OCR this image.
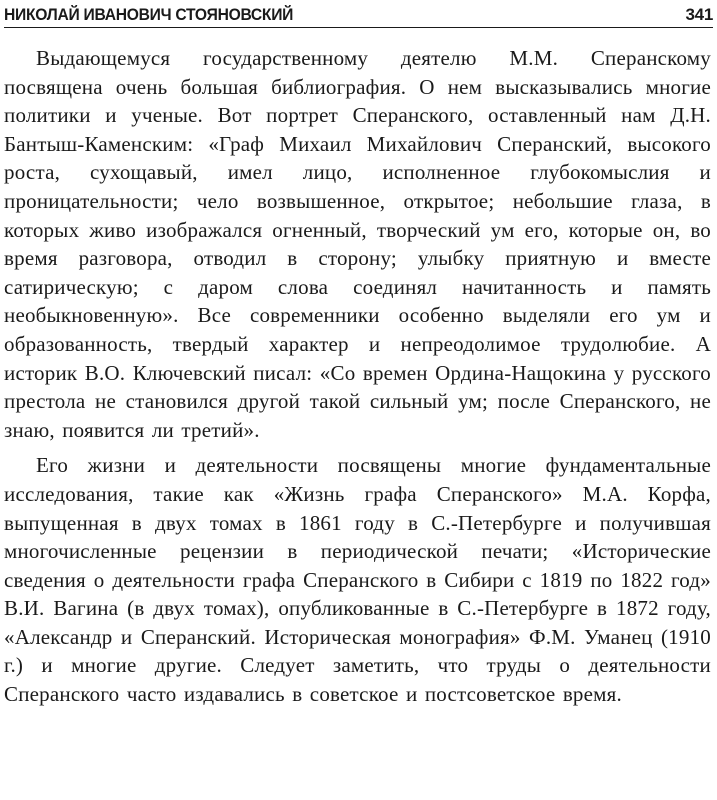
НИКОЛАЙ ИВАНОВИЧ СТОЯНОВСКИЙ	341

Выдающемуся государственному деятелю М.М. Сперанскому посвящена очень большая библиография. О нем высказывались многие политики и ученые. Вот портрет Сперанского, оставленный нам Д.Н. Бантыш-Каменским: «Граф Михаил Михайлович Сперанский, высокого роста, сухощавый, имел лицо, исполненное глубокомыслия и проницательности; чело возвышенное, открытое; небольшие глаза, в которых живо изображался огненный, творческий ум его, которые он, во время разговора, отводил в сторону; улыбку приятную и вместе сатирическую; с даром слова соединял начитанность и память необыкновенную». Все современники особенно выделяли его ум и образованность, твердый характер и непреодолимое трудолюбие. А историк В.О. Ключевский писал: «Со времен Ордина-Нащокина у русского престола не становился другой такой сильный ум; после Сперанского, не знаю, появится ли третий».

Его жизни и деятельности посвящены многие фундаментальные исследования, такие как «Жизнь графа Сперанского» М.А. Корфа, выпущенная в двух томах в 1861 году в С.-Петербурге и получившая многочисленные рецензии в периодической печати; «Исторические сведения о деятельности графа Сперанского в Сибири с 1819 по 1822 год» В.И. Вагина (в двух томах), опубликованные в С.-Петербурге в 1872 году, «Александр и Сперанский. Историческая монография» Ф.М. Уманец (1910 г.) и многие другие. Следует заметить, что труды о деятельности Сперанского часто издавались в советское и постсоветское время.
